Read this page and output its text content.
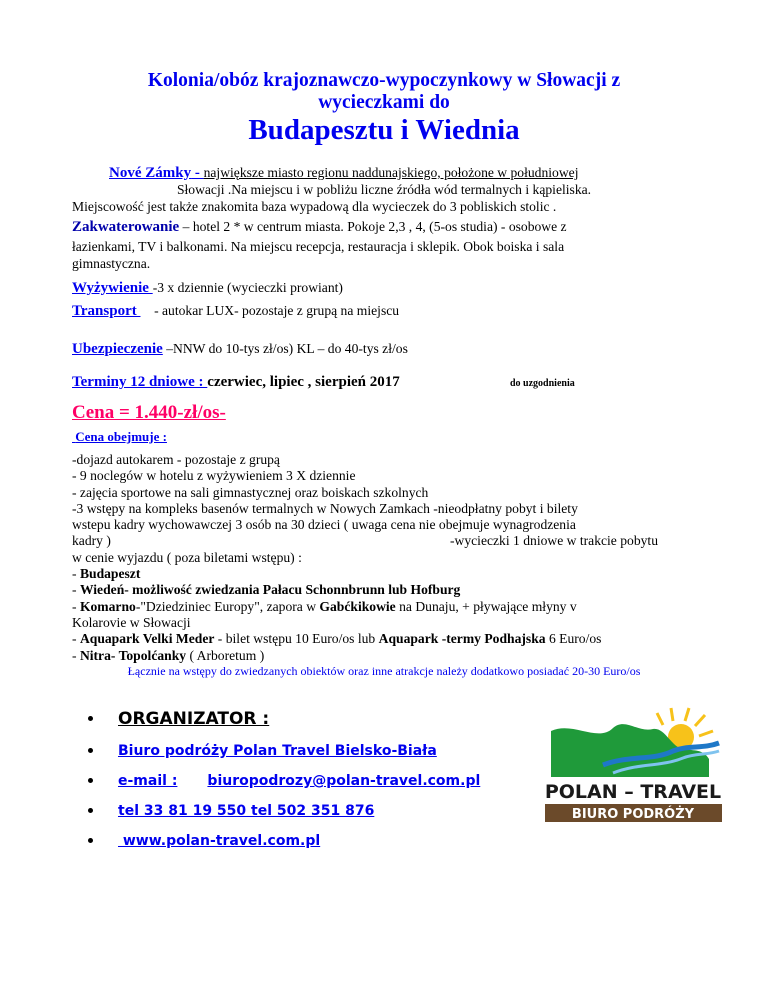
Kolonia/obóz krajoznawczo-wypoczynkowy w Słowacji z
wycieczkami do
Budapesztu i Wiednia
Nové Zámky - największe miasto regionu naddunajskiego, położone w południowej
Słowacji .Na miejscu i w pobliżu liczne źródła wód termalnych i kąpieliska.
Miejscowość jest także znakomita baza wypadową dla wycieczek do 3 pobliskich stolic .
Zakwaterowanie – hotel 2 * w centrum miasta. Pokoje 2,3 , 4, (5-os studia) - osobowe z
łazienkami, TV i balkonami. Na miejscu recepcja, restauracja i sklepik. Obok boiska i sala
gimnastyczna.
Wyżywienie -3 x dziennie (wycieczki prowiant)
Transport     - autokar LUX- pozostaje z grupą na miejscu
Ubezpieczenie –NNW do 10-tys zł/os) KL – do 40-tys zł/os
Terminy 12 dniowe : czerwiec, lipiec , sierpień 2017	do uzgodnienia
Cena = 1.440-zł/os-
Cena obejmuje :
-dojazd autokarem - pozostaje z grupą
- 9 noclegów w hotelu z wyżywieniem 3 X dziennie
- zajęcia sportowe na sali gimnastycznej oraz boiskach szkolnych
-3 wstępy na kompleks basenów termalnych w Nowych Zamkach -nieodpłatny pobyt i bilety
wstepu kadry wychowawczej 3 osób na 30 dzieci ( uwaga cena nie obejmuje wynagrodzenia
kadry )	-wycieczki 1 dniowe w trakcie pobytu
w cenie wyjazdu ( poza biletami wstępu) :
- Budapeszt
- Wiedeń- możliwość zwiedzania Pałacu Schonnbrunn lub Hofburg
- Komarno-"Dziedziniec Europy", zapora w Gabćkikowie na Dunaju, + pływające młyny v
Kolarovie w Słowacji
- Aquapark Velki Meder - bilet wstępu 10 Euro/os lub Aquapark -termy Podhajska 6 Euro/os
- Nitra- Topolćanky ( Arboretum )
Łącznie na wstępy do zwiedzanych obiektów oraz inne atrakcje należy dodatkowo posiadać 20-30 Euro/os
ORGANIZATOR :
Biuro podróży Polan Travel Bielsko-Biała
e-mail : biuropodrozy@polan-travel.com.pl
tel 33 81 19 550 tel 502 351 876
www.polan-travel.com.pl
POLAN – TRAVEL
BIURO PODRÓŻY
